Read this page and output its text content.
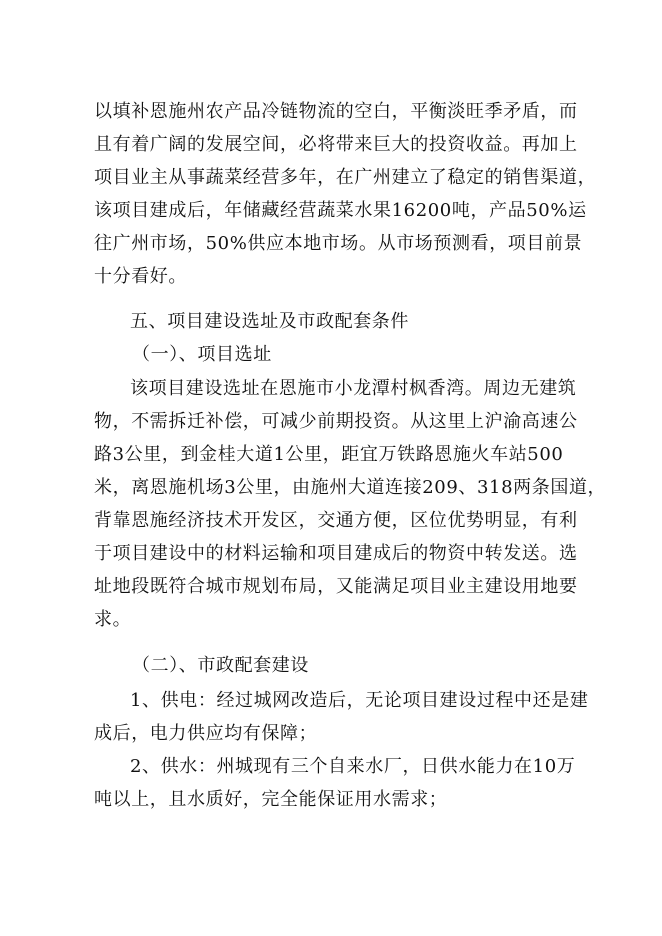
以填补恩施州农产品冷链物流的空白，平衡淡旺季矛盾，而
且有着广阔的发展空间，必将带来巨大的投资收益。再加上
项目业主从事蔬菜经营多年，在广州建立了稳定的销售渠道，
该项目建成后，年储藏经营蔬菜水果16200吨，产品50%运
往广州市场，50%供应本地市场。从市场预测看，项目前景
十分看好。
五、项目建设选址及市政配套条件
（一）、项目选址
该项目建设选址在恩施市小龙潭村枫香湾。周边无建筑
物，不需拆迁补偿，可减少前期投资。从这里上沪渝高速公
路3公里，到金桂大道1公里，距宜万铁路恩施火车站500
米，离恩施机场3公里，由施州大道连接209、318两条国道，
背靠恩施经济技术开发区，交通方便，区位优势明显，有利
于项目建设中的材料运输和项目建成后的物资中转发送。选
址地段既符合城市规划布局，又能满足项目业主建设用地要
求。
（二）、市政配套建设
1、供电：经过城网改造后，无论项目建设过程中还是建
成后，电力供应均有保障；
2、供水：州城现有三个自来水厂，日供水能力在10万
吨以上，且水质好，完全能保证用水需求；
